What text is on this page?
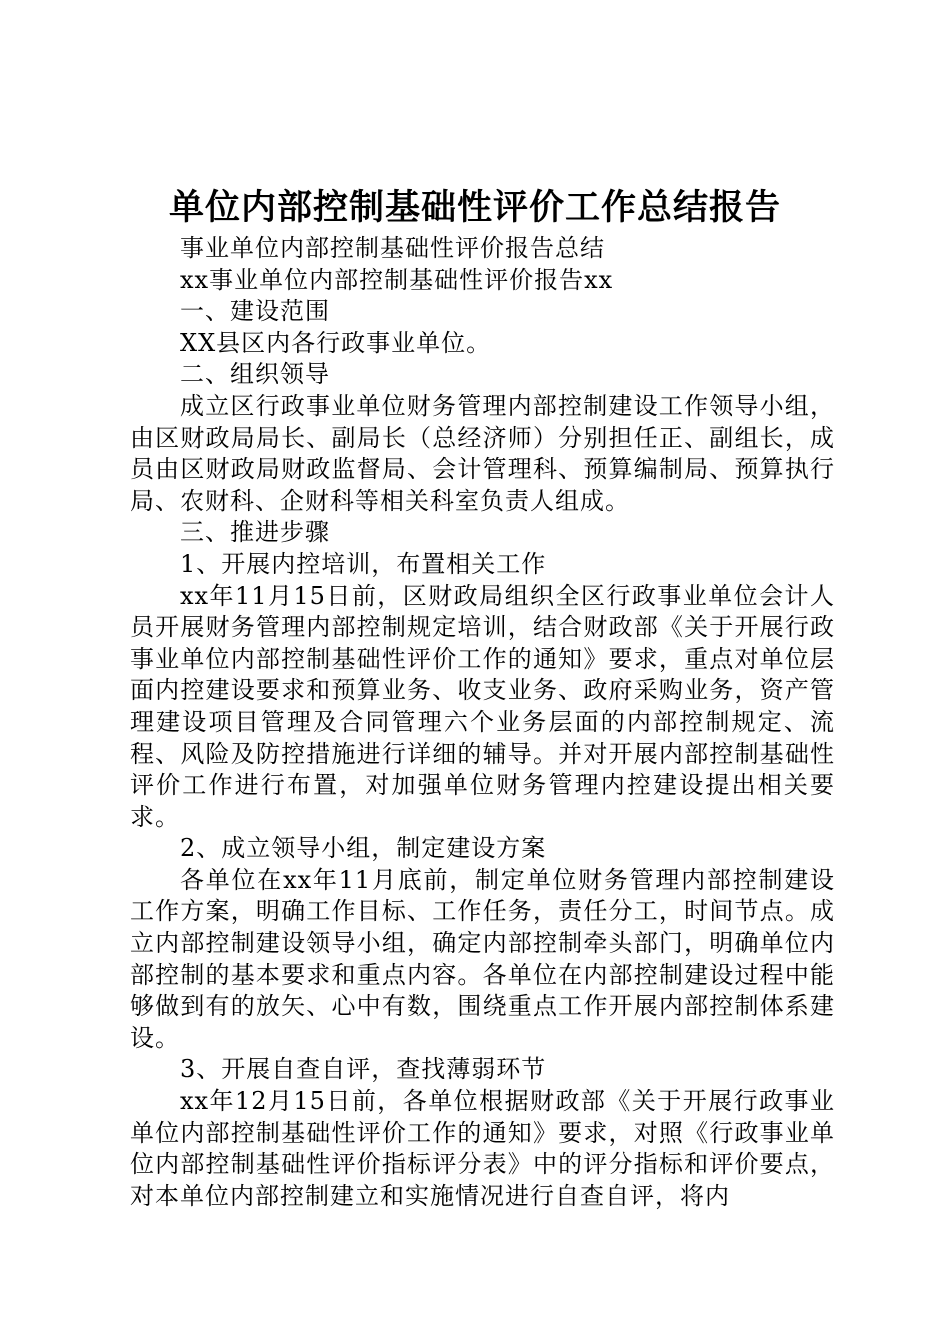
单位内部控制基础性评价工作总结报告

事业单位内部控制基础性评价报告总结

xx事业单位内部控制基础性评价报告xx

一、建设范围

XX县区内各行政事业单位。

二、组织领导

成立区行政事业单位财务管理内部控制建设工作领导小组，由区财政局局长、副局长（总经济师）分别担任正、副组长，成员由区财政局财政监督局、会计管理科、预算编制局、预算执行局、农财科、企财科等相关科室负责人组成。

三、推进步骤

1、开展内控培训，布置相关工作

xx年11月15日前，区财政局组织全区行政事业单位会计人员开展财务管理内部控制规定培训，结合财政部《关于开展行政事业单位内部控制基础性评价工作的通知》要求，重点对单位层面内控建设要求和预算业务、收支业务、政府采购业务，资产管理建设项目管理及合同管理六个业务层面的内部控制规定、流程、风险及防控措施进行详细的辅导。并对开展内部控制基础性评价工作进行布置，对加强单位财务管理内控建设提出相关要求。

2、成立领导小组，制定建设方案

各单位在xx年11月底前，制定单位财务管理内部控制建设工作方案，明确工作目标、工作任务，责任分工，时间节点。成立内部控制建设领导小组，确定内部控制牵头部门，明确单位内部控制的基本要求和重点内容。各单位在内部控制建设过程中能够做到有的放矢、心中有数，围绕重点工作开展内部控制体系建设。

3、开展自查自评，查找薄弱环节

xx年12月15日前，各单位根据财政部《关于开展行政事业单位内部控制基础性评价工作的通知》要求，对照《行政事业单位内部控制基础性评价指标评分表》中的评分指标和评价要点，对本单位内部控制建立和实施情况进行自查自评，将内
